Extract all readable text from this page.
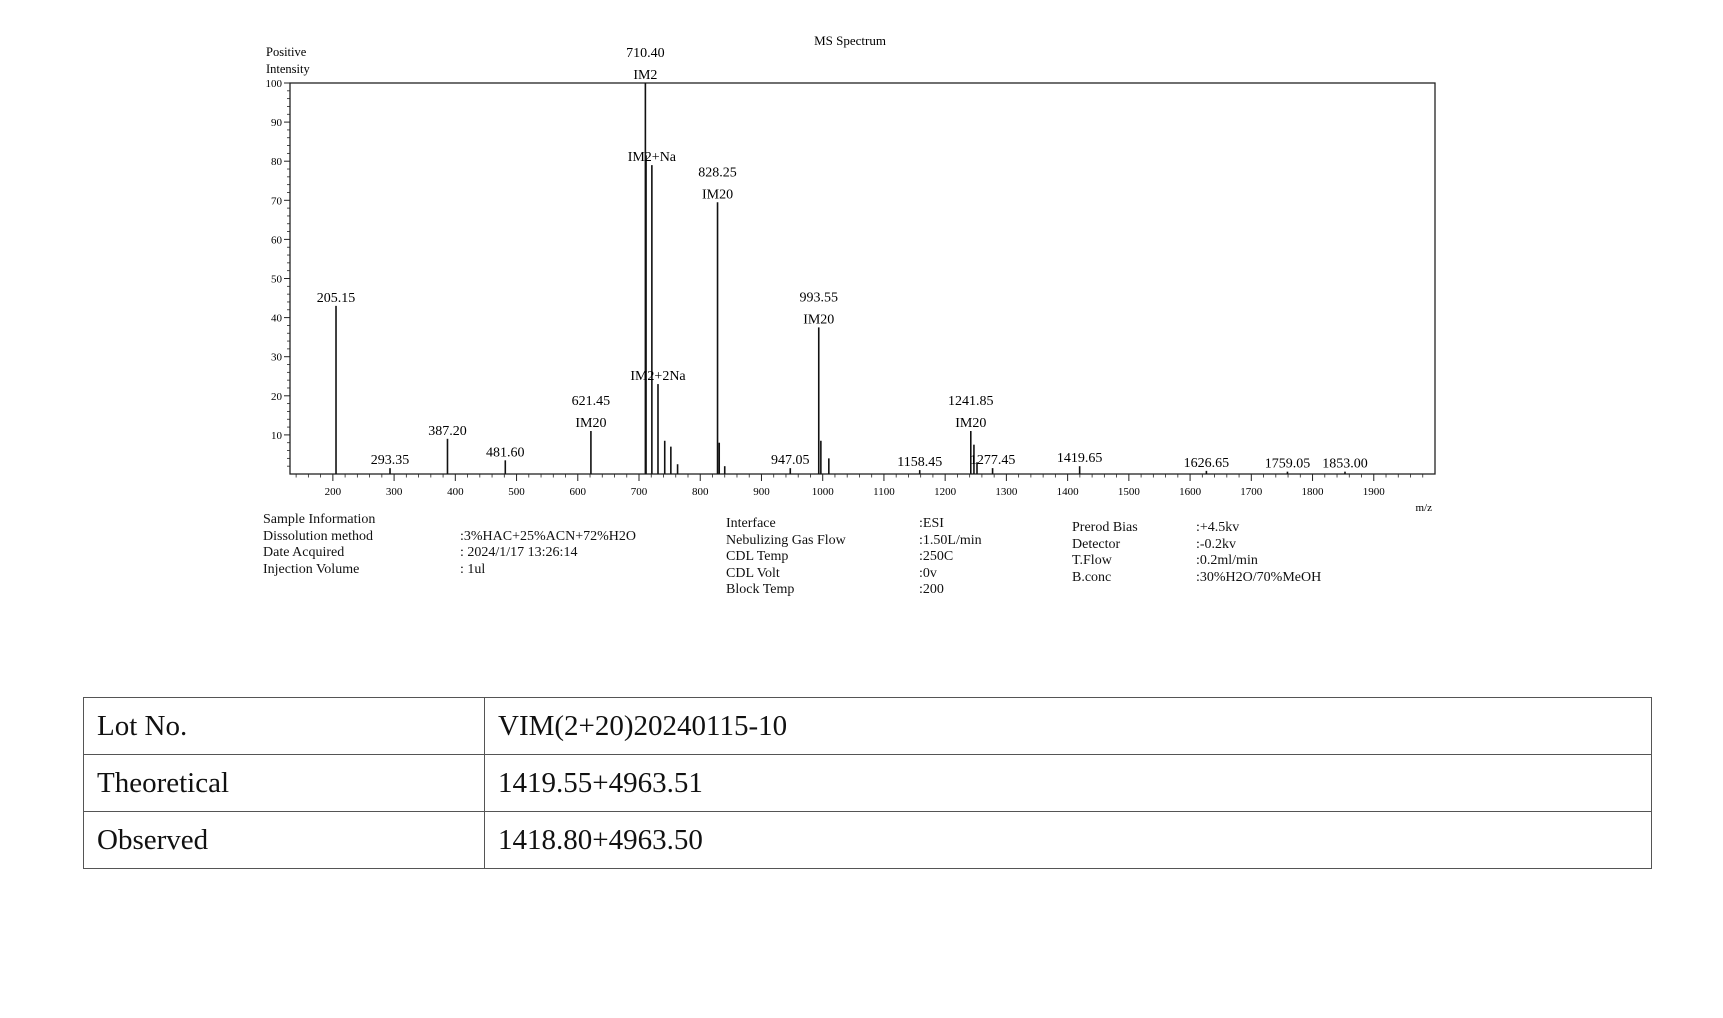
MS Spectrum
Positive Intensity
m/z
10
20
30
40
50
60
70
80
90
100
200	300	400	500	600	700	800	900	1000	1100	1200	1300	1400	1500	1600	1700	1800	1900
205.15
293.35
387.20
481.60
IM20
621.45
IM2
710.40
IM2+Na
IM2+2Na
IM20
828.25
947.05
IM20
993.55
1158.45
IM20
1241.85
1277.45	1419.65	1626.65	1759.05 1853.00
Sample Information
Dissolution method	:3%HAC+25%ACN+72%H2O
Date Acquired	: 2024/1/17 13:26:14
Injection Volume	: 1ul
Interface	:ESI
Nebulizing Gas Flow	:1.50L/min
CDL Temp	:250C
CDL Volt	:0v
Block Temp	:200
Prerod Bias	:+4.5kv
Detector	:-0.2kv
T.Flow	:0.2ml/min
B.conc	:30%H2O/70%MeOH
Lot No.	VIM(2+20)20240115-10
Theoretical	1419.55+4963.51
Observed	1418.80+4963.50
